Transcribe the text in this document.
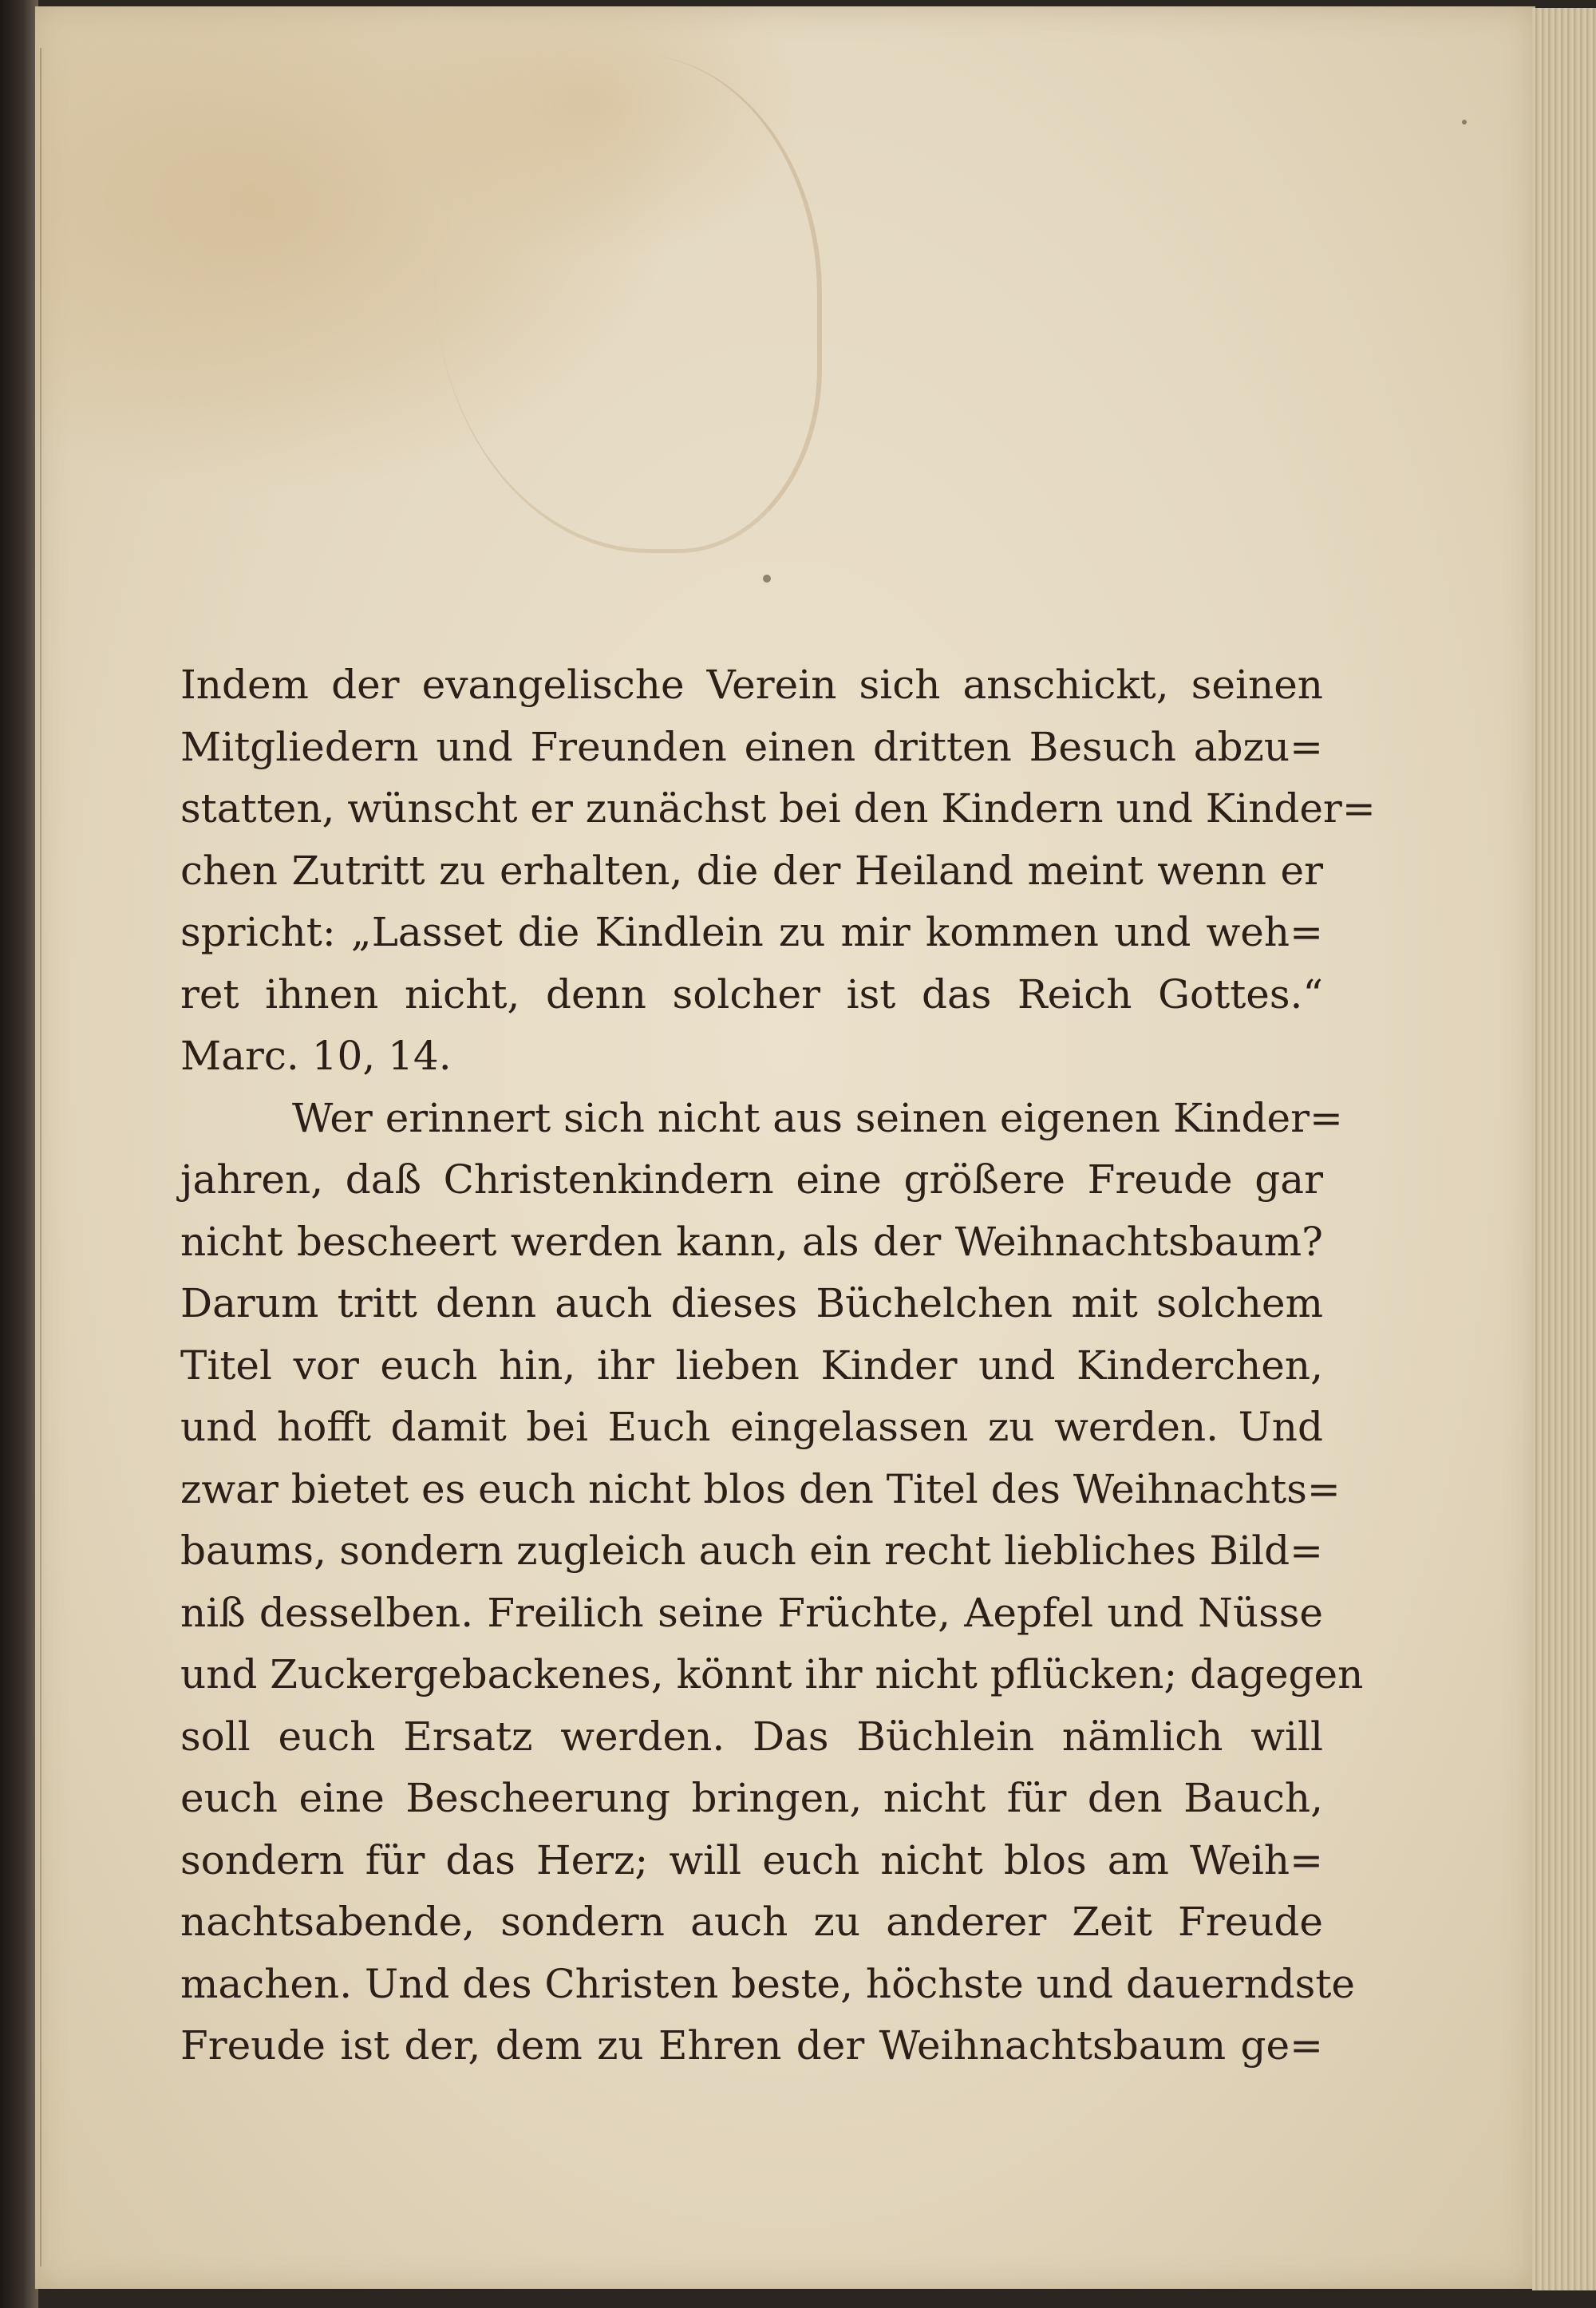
Indem der evangelische Verein sich anschickt, seinen
Mitgliedern und Freunden einen dritten Besuch abzu=
statten, wünscht er zunächst bei den Kindern und Kinder=
chen Zutritt zu erhalten, die der Heiland meint wenn er
spricht: „Lasset die Kindlein zu mir kommen und weh=
ret ihnen nicht, denn solcher ist das Reich Gottes.“
Marc. 10, 14.
Wer erinnert sich nicht aus seinen eigenen Kinder=
jahren, daß Christenkindern eine größere Freude gar
nicht bescheert werden kann, als der Weihnachtsbaum?
Darum tritt denn auch dieses Büchelchen mit solchem
Titel vor euch hin, ihr lieben Kinder und Kinderchen,
und hofft damit bei Euch eingelassen zu werden. Und
zwar bietet es euch nicht blos den Titel des Weihnachts=
baums, sondern zugleich auch ein recht liebliches Bild=
niß desselben. Freilich seine Früchte, Aepfel und Nüsse
und Zuckergebackenes, könnt ihr nicht pflücken; dagegen
soll euch Ersatz werden. Das Büchlein nämlich will
euch eine Bescheerung bringen, nicht für den Bauch,
sondern für das Herz; will euch nicht blos am Weih=
nachtsabende, sondern auch zu anderer Zeit Freude
machen. Und des Christen beste, höchste und dauerndste
Freude ist der, dem zu Ehren der Weihnachtsbaum ge=
